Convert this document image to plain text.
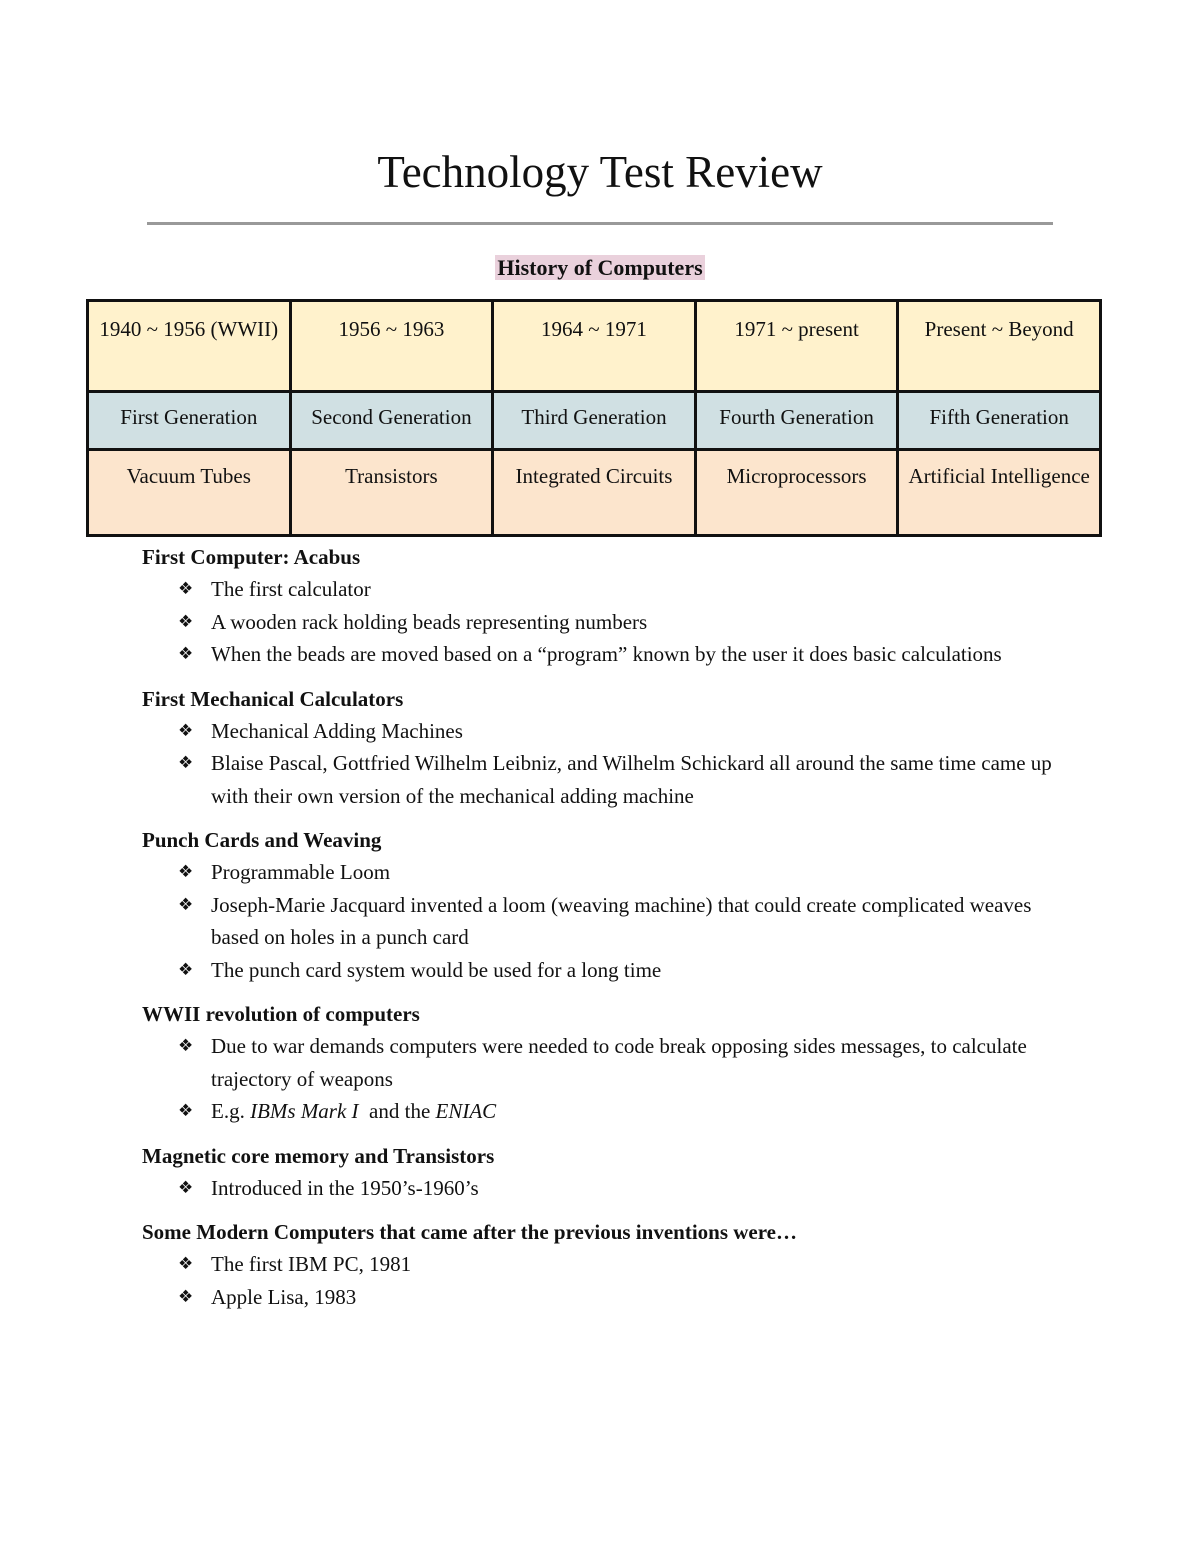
Technology Test Review
History of Computers
1940 ~ 1956 (WWII)	1956 ~ 1963	1964 ~ 1971	1971 ~ present	Present ~ Beyond
First Generation	Second Generation	Third Generation	Fourth Generation	Fifth Generation
Vacuum Tubes	Transistors	Integrated Circuits	Microprocessors	Artificial Intelligence

First Computer: Acabus

❖ The first calculator
❖ A wooden rack holding beads representing numbers
❖ When the beads are moved based on a “program” known by the user it does basic calculations

First Mechanical Calculators

❖ Mechanical Adding Machines
❖ Blaise Pascal, Gottfried Wilhelm Leibniz, and Wilhelm Schickard all around the same time came up with their own version of the mechanical adding machine

Punch Cards and Weaving

❖ Programmable Loom
❖ Joseph-Marie Jacquard invented a loom (weaving machine) that could create complicated weaves based on holes in a punch card
❖ The punch card system would be used for a long time

WWII revolution of computers

❖ Due to war demands computers were needed to code break opposing sides messages, to calculate trajectory of weapons
❖ E.g. IBMs Mark I  and the ENIAC

Magnetic core memory and Transistors

❖ Introduced in the 1950’s-1960’s

Some Modern Computers that came after the previous inventions were…

❖ The first IBM PC, 1981
❖ Apple Lisa, 1983
